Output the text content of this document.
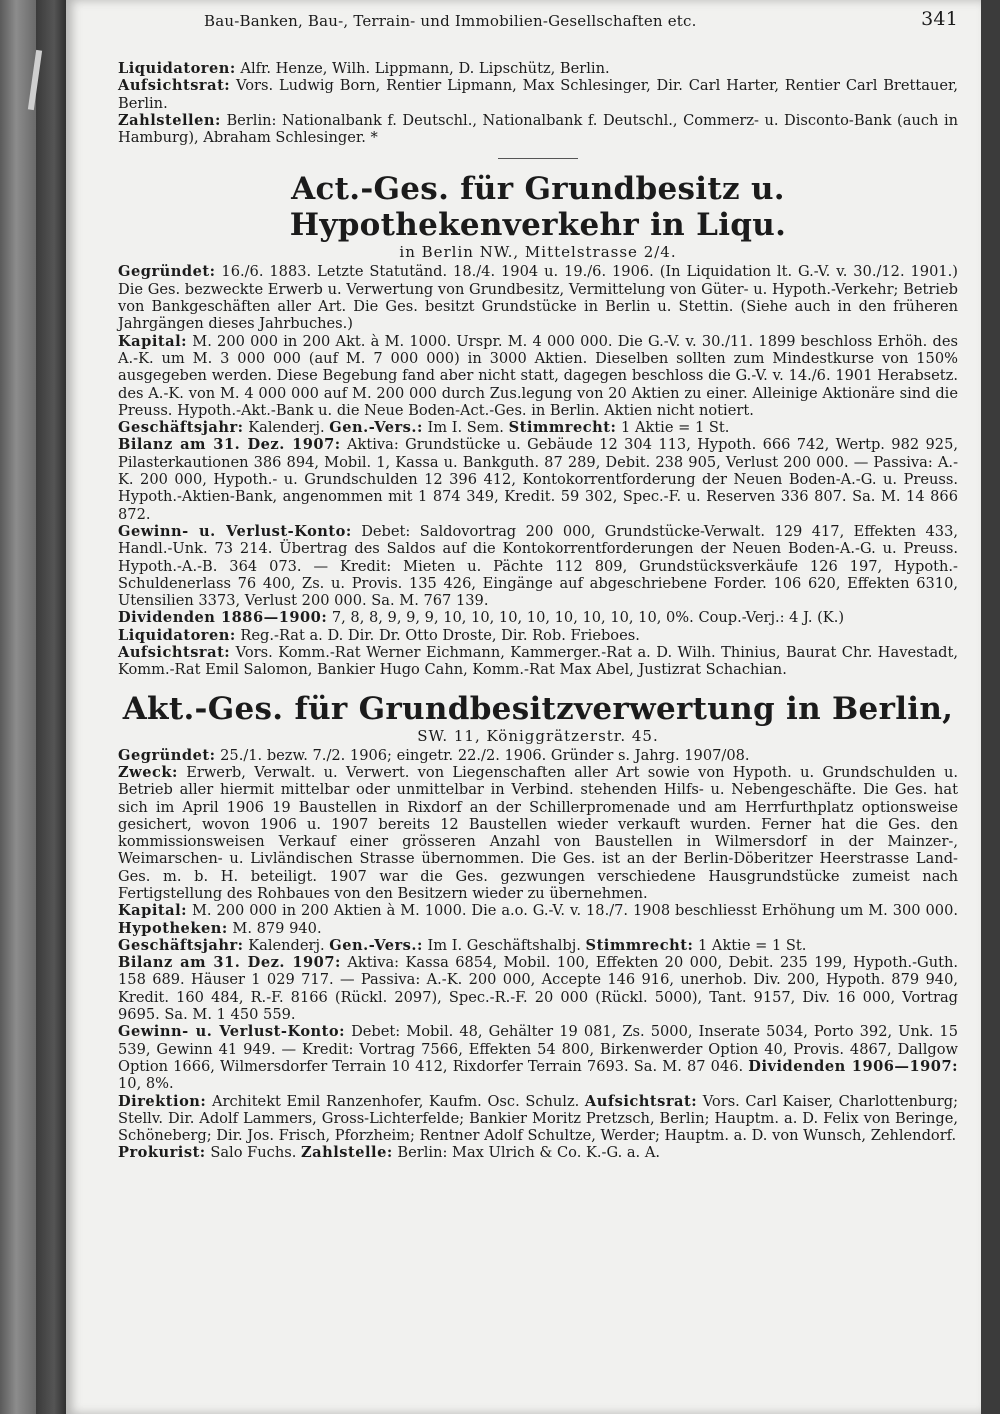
Bau-Banken, Bau-, Terrain- und Immobilien-Gesellschaften etc.	341

Liquidatoren: Alfr. Henze, Wilh. Lippmann, D. Lipschütz, Berlin.

Aufsichtsrat: Vors. Ludwig Born, Rentier Lipmann, Max Schlesinger, Dir. Carl Harter, Rentier Carl Brettauer, Berlin.

Zahlstellen: Berlin: Nationalbank f. Deutschl., Nationalbank f. Deutschl., Commerz- u. Disconto-Bank (auch in Hamburg), Abraham Schlesinger. *

Act.-Ges. für Grundbesitz u. Hypothekenverkehr in Liqu.
in Berlin NW., Mittelstrasse 2/4.

Gegründet: 16./6. 1883. Letzte Statutänd. 18./4. 1904 u. 19./6. 1906. (In Liquidation lt. G.-V. v. 30./12. 1901.) Die Ges. bezweckte Erwerb u. Verwertung von Grundbesitz, Vermittelung von Güter- u. Hypoth.-Verkehr; Betrieb von Bankgeschäften aller Art. Die Ges. besitzt Grundstücke in Berlin u. Stettin. (Siehe auch in den früheren Jahrgängen dieses Jahrbuches.)

Kapital: M. 200 000 in 200 Akt. à M. 1000. Urspr. M. 4 000 000. Die G.-V. v. 30./11. 1899 beschloss Erhöh. des A.-K. um M. 3 000 000 (auf M. 7 000 000) in 3000 Aktien. Dieselben sollten zum Mindestkurse von 150% ausgegeben werden. Diese Begebung fand aber nicht statt, dagegen beschloss die G.-V. v. 14./6. 1901 Herabsetz. des A.-K. von M. 4 000 000 auf M. 200 000 durch Zus.legung von 20 Aktien zu einer. Alleinige Aktionäre sind die Preuss. Hypoth.-Akt.-Bank u. die Neue Boden-Act.-Ges. in Berlin. Aktien nicht notiert.

Geschäftsjahr: Kalenderj. Gen.-Vers.: Im I. Sem. Stimmrecht: 1 Aktie = 1 St.

Bilanz am 31. Dez. 1907: Aktiva: Grundstücke u. Gebäude 12 304 113, Hypoth. 666 742, Wertp. 982 925, Pilasterkautionen 386 894, Mobil. 1, Kassa u. Bankguth. 87 289, Debit. 238 905, Verlust 200 000. — Passiva: A.-K. 200 000, Hypoth.- u. Grundschulden 12 396 412, Kontokorrentforderung der Neuen Boden-A.-G. u. Preuss. Hypoth.-Aktien-Bank, angenommen mit 1 874 349, Kredit. 59 302, Spec.-F. u. Reserven 336 807. Sa. M. 14 866 872.

Gewinn- u. Verlust-Konto: Debet: Saldovortrag 200 000, Grundstücke-Verwalt. 129 417, Effekten 433, Handl.-Unk. 73 214. Übertrag des Saldos auf die Kontokorrentforderungen der Neuen Boden-A.-G. u. Preuss. Hypoth.-A.-B. 364 073. — Kredit: Mieten u. Pächte 112 809, Grundstücksverkäufe 126 197, Hypoth.-Schuldenerlass 76 400, Zs. u. Provis. 135 426, Eingänge auf abgeschriebene Forder. 106 620, Effekten 6310, Utensilien 3373, Verlust 200 000. Sa. M. 767 139.

Dividenden 1886—1900: 7, 8, 8, 9, 9, 9, 10, 10, 10, 10, 10, 10, 10, 10, 0%. Coup.-Verj.: 4 J. (K.)

Liquidatoren: Reg.-Rat a. D. Dir. Dr. Otto Droste, Dir. Rob. Frieboes.

Aufsichtsrat: Vors. Komm.-Rat Werner Eichmann, Kammerger.-Rat a. D. Wilh. Thinius, Baurat Chr. Havestadt, Komm.-Rat Emil Salomon, Bankier Hugo Cahn, Komm.-Rat Max Abel, Justizrat Schachian.

Akt.-Ges. für Grundbesitzverwertung in Berlin,
SW. 11, Königgrätzerstr. 45.

Gegründet: 25./1. bezw. 7./2. 1906; eingetr. 22./2. 1906. Gründer s. Jahrg. 1907/08.

Zweck: Erwerb, Verwalt. u. Verwert. von Liegenschaften aller Art sowie von Hypoth. u. Grundschulden u. Betrieb aller hiermit mittelbar oder unmittelbar in Verbind. stehenden Hilfs- u. Nebengeschäfte. Die Ges. hat sich im April 1906 19 Baustellen in Rixdorf an der Schillerpromenade und am Herrfurthplatz optionsweise gesichert, wovon 1906 u. 1907 bereits 12 Baustellen wieder verkauft wurden. Ferner hat die Ges. den kommissionsweisen Verkauf einer grösseren Anzahl von Baustellen in Wilmersdorf in der Mainzer-, Weimarschen- u. Livländischen Strasse übernommen. Die Ges. ist an der Berlin-Döberitzer Heerstrasse Land-Ges. m. b. H. beteiligt. 1907 war die Ges. gezwungen verschiedene Hausgrundstücke zumeist nach Fertigstellung des Rohbaues von den Besitzern wieder zu übernehmen.

Kapital: M. 200 000 in 200 Aktien à M. 1000. Die a.o. G.-V. v. 18./7. 1908 beschliesst Erhöhung um M. 300 000. Hypotheken: M. 879 940.

Geschäftsjahr: Kalenderj. Gen.-Vers.: Im I. Geschäftshalbj. Stimmrecht: 1 Aktie = 1 St.

Bilanz am 31. Dez. 1907: Aktiva: Kassa 6854, Mobil. 100, Effekten 20 000, Debit. 235 199, Hypoth.-Guth. 158 689. Häuser 1 029 717. — Passiva: A.-K. 200 000, Accepte 146 916, unerhob. Div. 200, Hypoth. 879 940, Kredit. 160 484, R.-F. 8166 (Rückl. 2097), Spec.-R.-F. 20 000 (Rückl. 5000), Tant. 9157, Div. 16 000, Vortrag 9695. Sa. M. 1 450 559.

Gewinn- u. Verlust-Konto: Debet: Mobil. 48, Gehälter 19 081, Zs. 5000, Inserate 5034, Porto 392, Unk. 15 539, Gewinn 41 949. — Kredit: Vortrag 7566, Effekten 54 800, Birkenwerder Option 40, Provis. 4867, Dallgow Option 1666, Wilmersdorfer Terrain 10 412, Rixdorfer Terrain 7693. Sa. M. 87 046. Dividenden 1906—1907: 10, 8%.

Direktion: Architekt Emil Ranzenhofer, Kaufm. Osc. Schulz. Aufsichtsrat: Vors. Carl Kaiser, Charlottenburg; Stellv. Dir. Adolf Lammers, Gross-Lichterfelde; Bankier Moritz Pretzsch, Berlin; Hauptm. a. D. Felix von Beringe, Schöneberg; Dir. Jos. Frisch, Pforzheim; Rentner Adolf Schultze, Werder; Hauptm. a. D. von Wunsch, Zehlendorf.

Prokurist: Salo Fuchs. Zahlstelle: Berlin: Max Ulrich & Co. K.-G. a. A.
